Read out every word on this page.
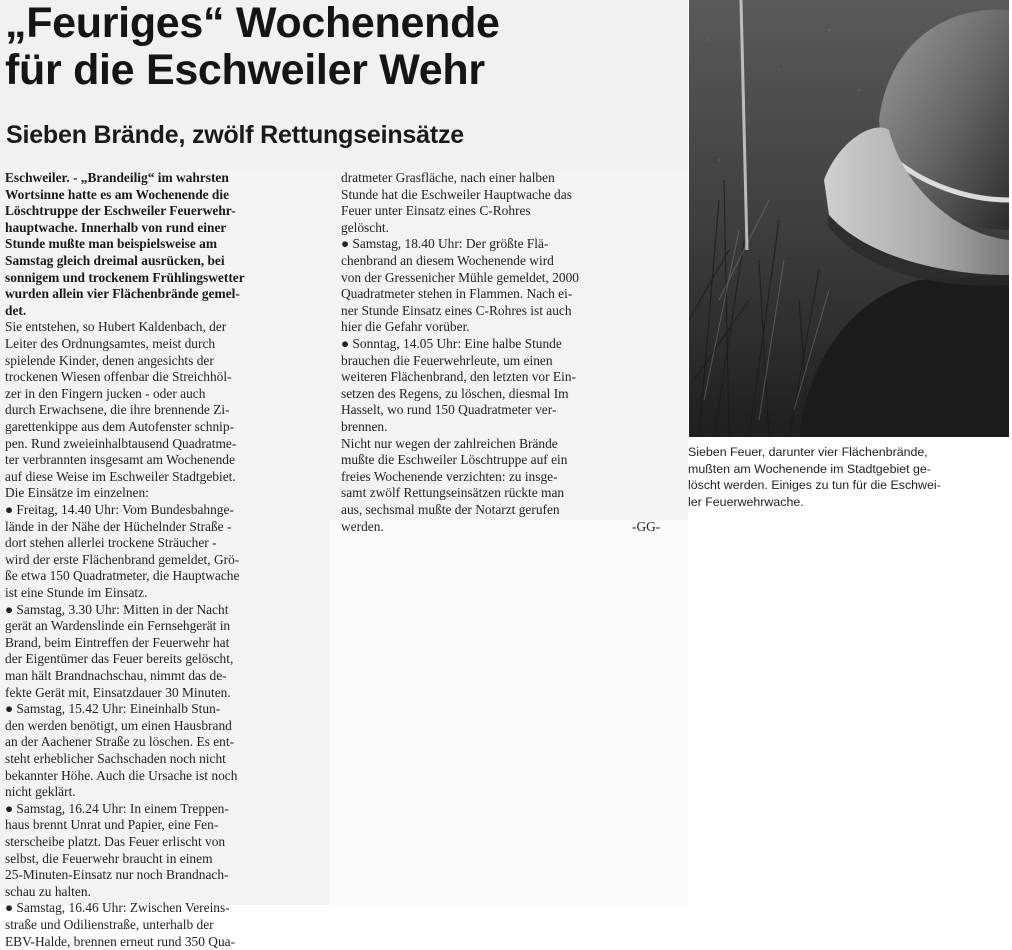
„Feuriges“ Wochenende
für die Eschweiler Wehr
Sieben Brände, zwölf Rettungseinsätze
Eschweiler. - „Brandeilig“ im wahrsten
Wortsinne hatte es am Wochenende die
Löschtruppe der Eschweiler Feuerwehr-
hauptwache. Innerhalb von rund einer
Stunde mußte man beispielsweise am
Samstag gleich dreimal ausrücken, bei
sonnigem und trockenem Frühlingswetter
wurden allein vier Flächenbrände gemel-
det.
Sie entstehen, so Hubert Kaldenbach, der
Leiter des Ordnungsamtes, meist durch
spielende Kinder, denen angesichts der
trockenen Wiesen offenbar die Streichhöl-
zer in den Fingern jucken - oder auch
durch Erwachsene, die ihre brennende Zi-
garettenkippe aus dem Autofenster schnip-
pen. Rund zweieinhalbtausend Quadratme-
ter verbrannten insgesamt am Wochenende
auf diese Weise im Eschweiler Stadtgebiet.
Die Einsätze im einzelnen:
● Freitag, 14.40 Uhr: Vom Bundesbahnge-
lände in der Nähe der Hüchelnder Straße -
dort stehen allerlei trockene Sträucher -
wird der erste Flächenbrand gemeldet, Grö-
ße etwa 150 Quadratmeter, die Hauptwache
ist eine Stunde im Einsatz.
● Samstag, 3.30 Uhr: Mitten in der Nacht
gerät an Wardenslinde ein Fernsehgerät in
Brand, beim Eintreffen der Feuerwehr hat
der Eigentümer das Feuer bereits gelöscht,
man hält Brandnachschau, nimmt das de-
fekte Gerät mit, Einsatzdauer 30 Minuten.
● Samstag, 15.42 Uhr: Eineinhalb Stun-
den werden benötigt, um einen Hausbrand
an der Aachener Straße zu löschen. Es ent-
steht erheblicher Sachschaden noch nicht
bekannter Höhe. Auch die Ursache ist noch
nicht geklärt.
● Samstag, 16.24 Uhr: In einem Treppen-
haus brennt Unrat und Papier, eine Fen-
sterscheibe platzt. Das Feuer erlischt von
selbst, die Feuerwehr braucht in einem
25-Minuten-Einsatz nur noch Brandnach-
schau zu halten.
● Samstag, 16.46 Uhr: Zwischen Vereins-
straße und Odilienstraße, unterhalb der
EBV-Halde, brennen erneut rund 350 Qua-
dratmeter Grasfläche, nach einer halben
Stunde hat die Eschweiler Hauptwache das
Feuer unter Einsatz eines C-Rohres
gelöscht.
● Samstag, 18.40 Uhr: Der größte Flä-
chenbrand an diesem Wochenende wird
von der Gressenicher Mühle gemeldet, 2000
Quadratmeter stehen in Flammen. Nach ei-
ner Stunde Einsatz eines C-Rohres ist auch
hier die Gefahr vorüber.
● Sonntag, 14.05 Uhr: Eine halbe Stunde
brauchen die Feuerwehrleute, um einen
weiteren Flächenbrand, den letzten vor Ein-
setzen des Regens, zu löschen, diesmal Im
Hasselt, wo rund 150 Quadratmeter ver-
brennen.
Nicht nur wegen der zahlreichen Brände
mußte die Eschweiler Löschtruppe auf ein
freies Wochenende verzichten: zu insge-
samt zwölf Rettungseinsätzen rückte man
aus, sechsmal mußte der Notarzt gerufen
werden.	-GG-
Sieben Feuer, darunter vier Flächenbrände,
mußten am Wochenende im Stadtgebiet ge-
löscht werden. Einiges zu tun für die Eschwei-
ler Feuerwehrwache.
